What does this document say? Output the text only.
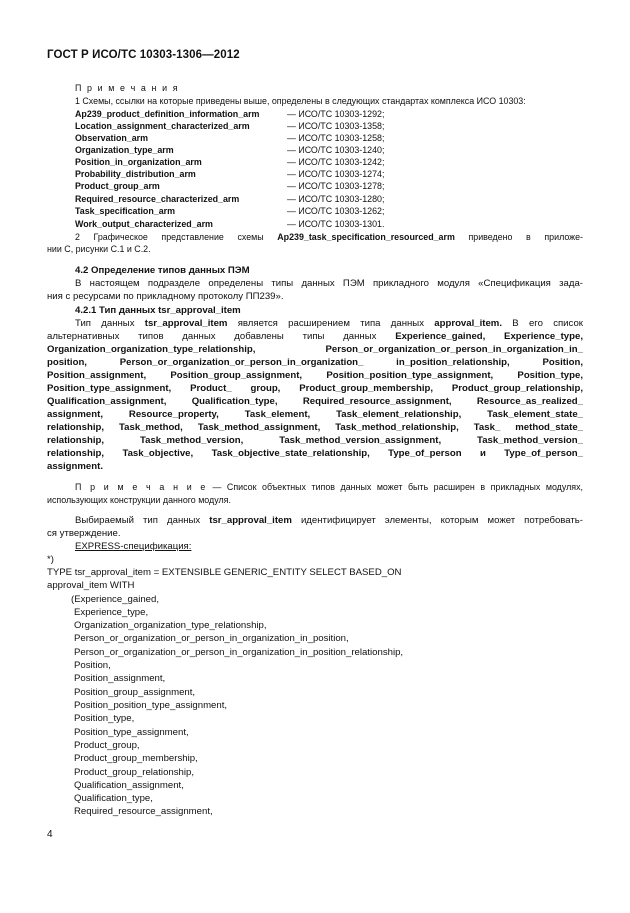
ГОСТ Р ИСО/ТС 10303-1306—2012
П р и м е ч а н и я
1 Схемы, ссылки на которые приведены выше, определены в следующих стандартах комплекса ИСО 10303:
Ap239_product_definition_information_arm	— ИСО/ТС 10303-1292;
Location_assignment_characterized_arm	— ИСО/ТС 10303-1358;
Observation_arm	— ИСО/ТС 10303-1258;
Organization_type_arm	— ИСО/ТС 10303-1240;
Position_in_organization_arm	— ИСО/ТС 10303-1242;
Probability_distribution_arm	— ИСО/ТС 10303-1274;
Product_group_arm	— ИСО/ТС 10303-1278;
Required_resource_characterized_arm	— ИСО/ТС 10303-1280;
Task_specification_arm	— ИСО/ТС 10303-1262;
Work_output_characterized_arm	— ИСО/ТС 10303-1301.
2 Графическое представление схемы Ap239_task_specification_resourced_arm приведено в приложе-
нии С, рисунки С.1 и С.2.
4.2 Определение типов данных ПЭМ
В настоящем подразделе определены типы данных ПЭМ прикладного модуля «Спецификация зада-
ния с ресурсами по прикладному протоколу ПП239».
4.2.1 Тип данных tsr_approval_item
Тип данных tsr_approval_item является расширением типа данных approval_item. В его список
альтернативных типов данных добавлены типы данных Experience_gained, Experience_type,
Organization_organization_type_relationship, Person_or_organization_or_person_in_organization_in_
position, Person_or_organization_or_person_in_organization_ in_position_relationship, Position,
Position_assignment, Position_group_assignment, Position_position_type_assignment, Position_type,
Position_type_assignment, Product_ group, Product_group_membership, Product_group_relationship,
Qualification_assignment, Qualification_type, Required_resource_assignment, Resource_as_realized_
assignment, Resource_property, Task_element, Task_element_relationship, Task_element_state_
relationship, Task_method, Task_method_assignment, Task_method_relationship, Task_ method_state_
relationship, Task_method_version, Task_method_version_assignment, Task_method_version_
relationship, Task_objective, Task_objective_state_relationship, Type_of_person и Type_of_person_
assignment.
П р и м е ч а н и е — Список объектных типов данных может быть расширен в прикладных модулях,
использующих конструкции данного модуля.
Выбираемый тип данных tsr_approval_item идентифицирует элементы, которым может потребовать-
ся утверждение.
EXPRESS-спецификация:
*)
TYPE tsr_approval_item = EXTENSIBLE GENERIC_ENTITY SELECT BASED_ON
approval_item WITH
(Experience_gained,
Experience_type,
Organization_organization_type_relationship,
Person_or_organization_or_person_in_organization_in_position,
Person_or_organization_or_person_in_organization_in_position_relationship,
Position,
Position_assignment,
Position_group_assignment,
Position_position_type_assignment,
Position_type,
Position_type_assignment,
Product_group,
Product_group_membership,
Product_group_relationship,
Qualification_assignment,
Qualification_type,
Required_resource_assignment,
4
